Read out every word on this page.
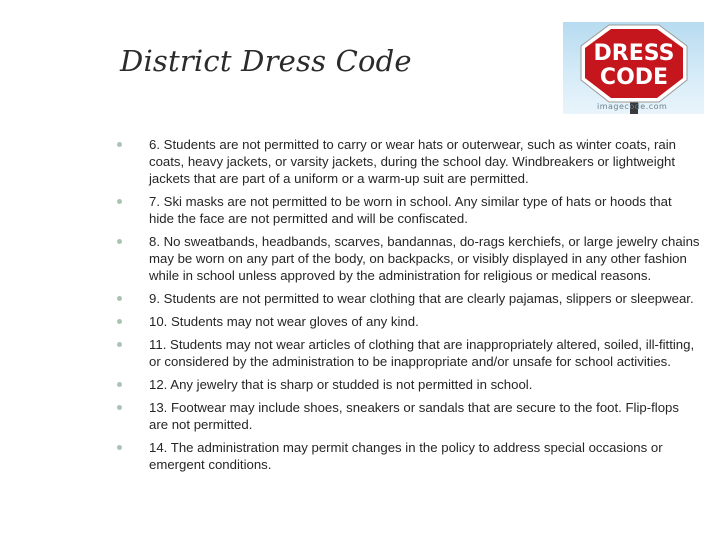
District Dress Code	DRESS
CODE
imagecode.com
6. Students are not permitted to carry or wear hats or outerwear, such as winter coats, rain coats, heavy jackets, or varsity jackets, during the school day. Windbreakers or lightweight jackets that are part of a uniform or a warm-up suit are permitted.
7. Ski masks are not permitted to be worn in school. Any similar type of hats or hoods that hide the face are not permitted and will be confiscated.
8. No sweatbands, headbands, scarves, bandannas, do-rags kerchiefs, or large jewelry chains may be worn on any part of the body, on backpacks, or visibly displayed in any other fashion while in school unless approved by the administration for religious or medical reasons.
9. Students are not permitted to wear clothing that are clearly pajamas, slippers or sleepwear.
10. Students may not wear gloves of any kind.
11. Students may not wear articles of clothing that are inappropriately altered, soiled, ill-fitting, or considered by the administration to be inappropriate and/or unsafe for school activities.
12. Any jewelry that is sharp or studded is not permitted in school.
13. Footwear may include shoes, sneakers or sandals that are secure to the foot. Flip-flops are not permitted.
14. The administration may permit changes in the policy to address special occasions or emergent conditions.
